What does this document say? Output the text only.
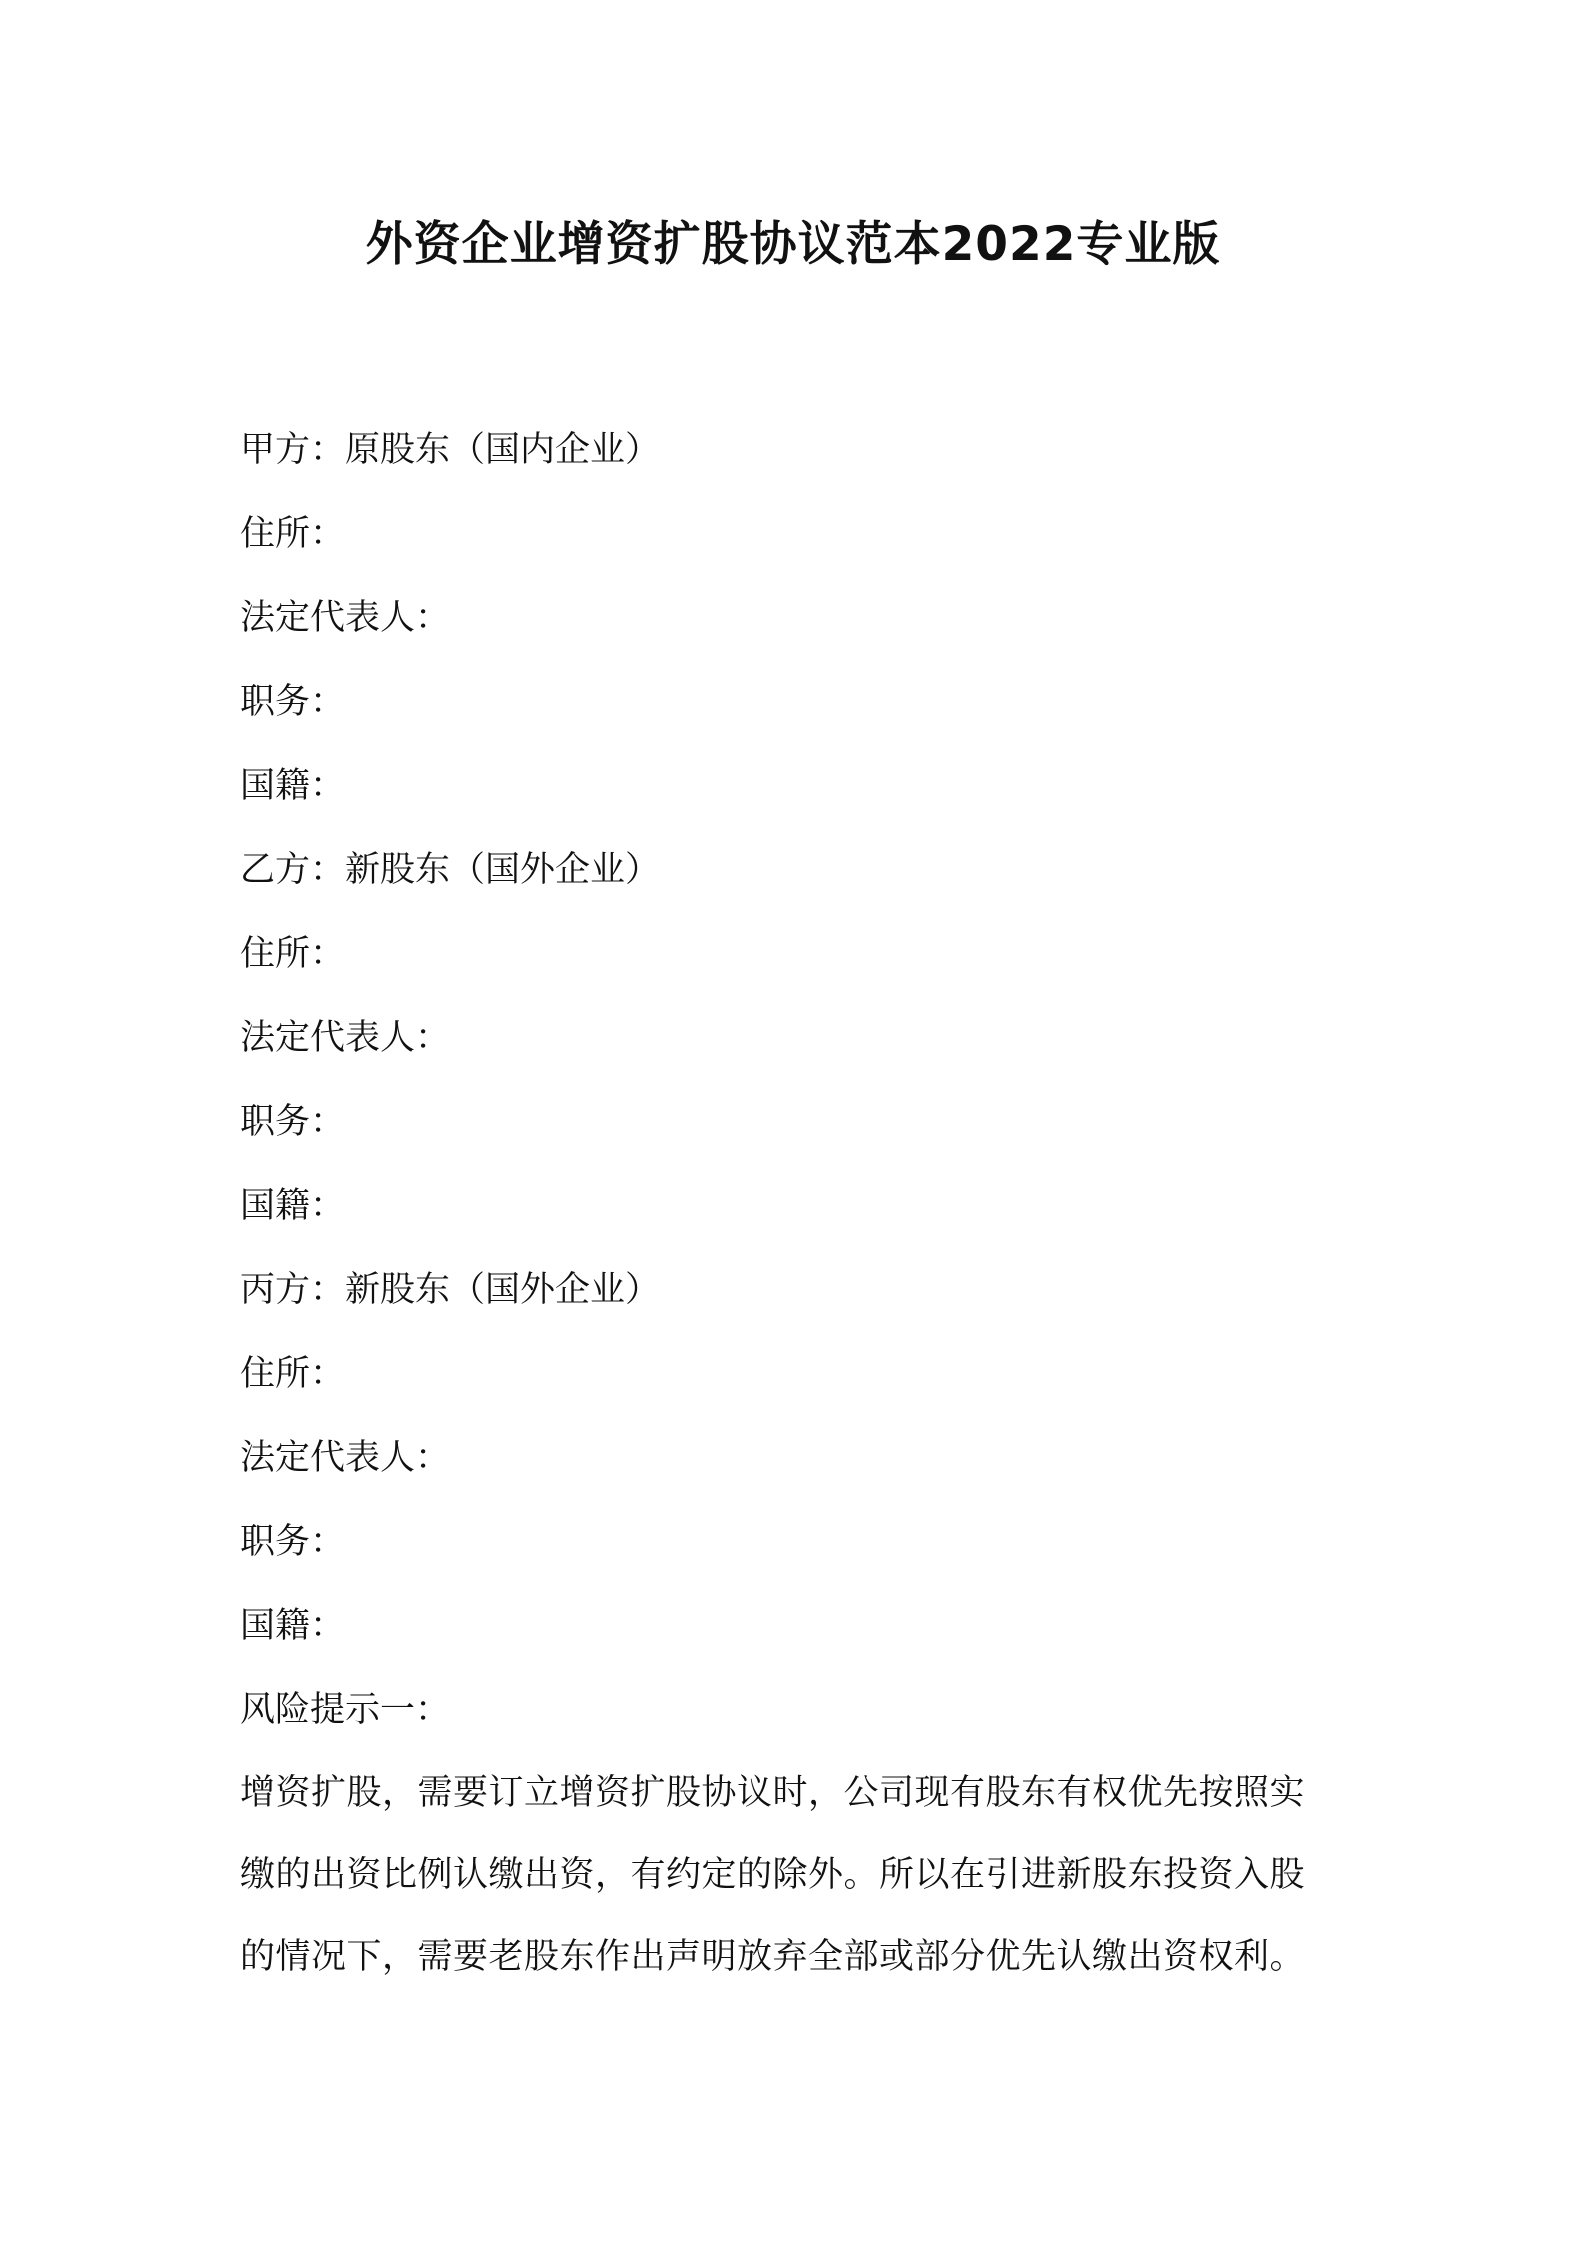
外资企业增资扩股协议范本2022专业版
甲方：原股东（国内企业）
住所：
法定代表人：
职务：
国籍：
乙方：新股东（国外企业）
住所：
法定代表人：
职务：
国籍：
丙方：新股东（国外企业）
住所：
法定代表人：
职务：
国籍：
风险提示一：
增资扩股，需要订立增资扩股协议时，公司现有股东有权优先按照实
缴的出资比例认缴出资，有约定的除外。所以在引进新股东投资入股
的情况下，需要老股东作出声明放弃全部或部分优先认缴出资权利。
